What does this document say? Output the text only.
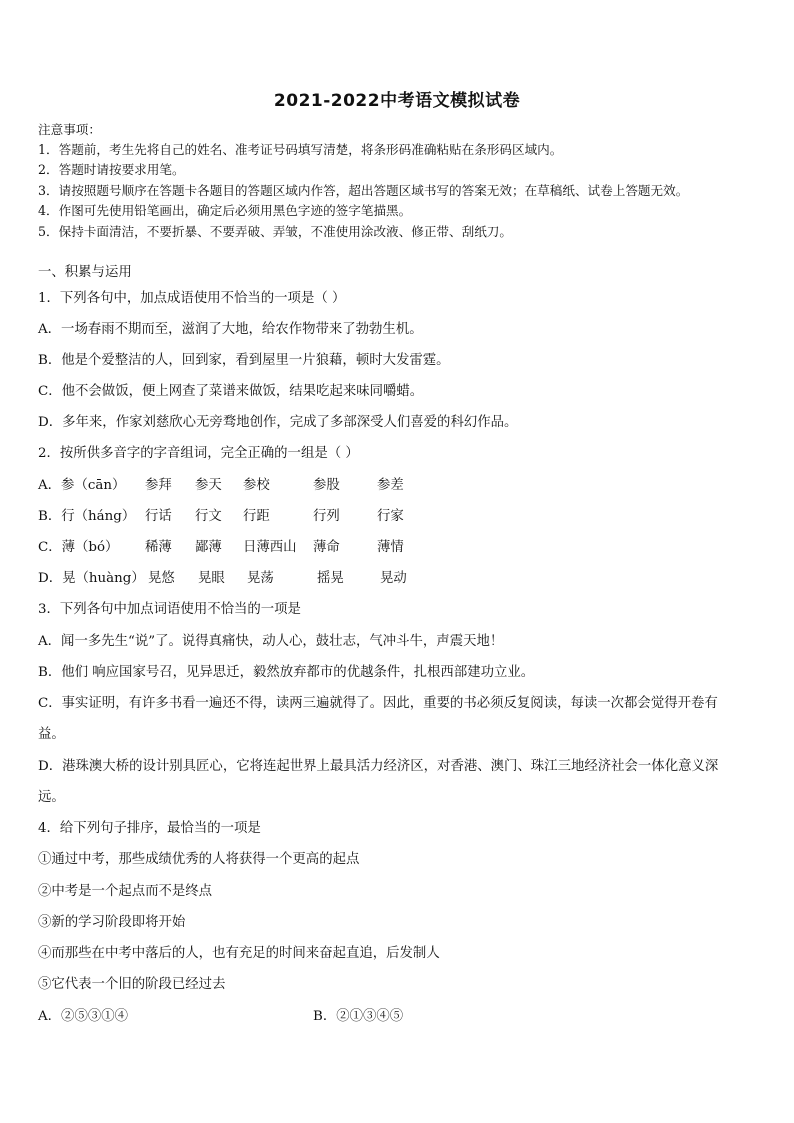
2021-2022中考语文模拟试卷
注意事项：
1．答题前，考生先将自己的姓名、准考证号码填写清楚，将条形码准确粘贴在条形码区域内。
2．答题时请按要求用笔。
3．请按照题号顺序在答题卡各题目的答题区域内作答，超出答题区域书写的答案无效；在草稿纸、试卷上答题无效。
4．作图可先使用铅笔画出，确定后必须用黑色字迹的签字笔描黑。
5．保持卡面清洁，不要折暴、不要弄破、弄皱，不准使用涂改液、修正带、刮纸刀。
一、积累与运用
1．下列各句中，加点成语使用不恰当的一项是（ ）
A．一场春雨不期而至，滋润了大地，给农作物带来了勃勃生机。
B．他是个爱整洁的人，回到家，看到屋里一片狼藉，顿时大发雷霆。
C．他不会做饭，便上网查了菜谱来做饭，结果吃起来味同嚼蜡。
D．多年来，作家刘慈欣心无旁骛地创作，完成了多部深受人们喜爱的科幻作品。
2．按所供多音字的字音组词，完全正确的一组是（ ）
A．参（cān） 参拜 参天 参校	参股	参差
B．行（háng） 行话 行文 行距	行列	行家
C．薄（bó） 稀薄 鄙薄 日薄西山 薄命	薄情
D．晃（huàng） 晃悠 晃眼 晃荡	摇晃	晃动
3．下列各句中加点词语使用不恰当的一项是
A．闻一多先生“说”了。说得真痛快，动人心，鼓壮志，气冲斗牛，声震天地！
B．他们 响应国家号召，见异思迁，毅然放弃都市的优越条件，扎根西部建功立业。
C．事实证明，有许多书看一遍还不得，读两三遍就得了。因此，重要的书必须反复阅读，每读一次都会觉得开卷有
益。
D．港珠澳大桥的设计别具匠心，它将连起世界上最具活力经济区，对香港、澳门、珠江三地经济社会一体化意义深
远。
4．给下列句子排序，最恰当的一项是
①通过中考，那些成绩优秀的人将获得一个更高的起点
②中考是一个起点而不是终点
③新的学习阶段即将开始
④而那些在中考中落后的人，也有充足的时间来奋起直追，后发制人
⑤它代表一个旧的阶段已经过去
A．②⑤③①④	B．②①③④⑤
